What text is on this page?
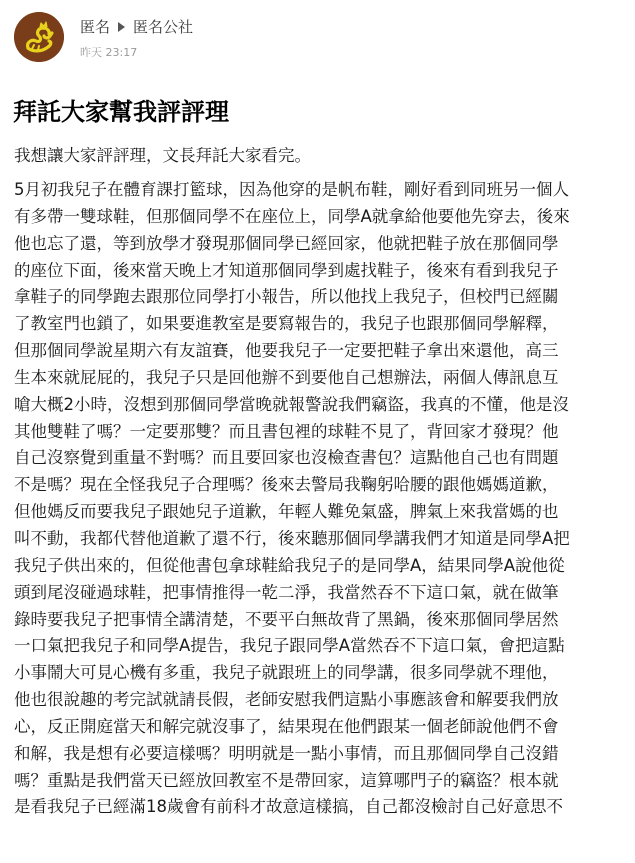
匿名 匿名公社
昨天 23:17
拜託大家幫我評評理

我想讓大家評評理，文長拜託大家看完。

5月初我兒子在體育課打籃球，因為他穿的是帆布鞋，剛好看到同班另一個人
有多帶一雙球鞋，但那個同學不在座位上，同學A就拿給他要他先穿去，後來
他也忘了還，等到放學才發現那個同學已經回家，他就把鞋子放在那個同學
的座位下面，後來當天晚上才知道那個同學到處找鞋子，後來有看到我兒子
拿鞋子的同學跑去跟那位同學打小報告，所以他找上我兒子，但校門已經關
了教室門也鎖了，如果要進教室是要寫報告的，我兒子也跟那個同學解釋，
但那個同學說星期六有友誼賽，他要我兒子一定要把鞋子拿出來還他，高三
生本來就屁屁的，我兒子只是回他辦不到要他自己想辦法，兩個人傳訊息互
嗆大概2小時，沒想到那個同學當晚就報警說我們竊盜，我真的不懂，他是沒
其他雙鞋了嗎？一定要那雙？而且書包裡的球鞋不見了，背回家才發現？他
自己沒察覺到重量不對嗎？而且要回家也沒檢查書包？這點他自己也有問題
不是嗎？現在全怪我兒子合理嗎？後來去警局我鞠躬哈腰的跟他媽媽道歉，
但他媽反而要我兒子跟她兒子道歉，年輕人難免氣盛，脾氣上來我當媽的也
叫不動，我都代替他道歉了還不行，後來聽那個同學講我們才知道是同學A把
我兒子供出來的，但從他書包拿球鞋給我兒子的是同學A，結果同學A說他從
頭到尾沒碰過球鞋，把事情推得一乾二淨，我當然吞不下這口氣，就在做筆
錄時要我兒子把事情全講清楚，不要平白無故背了黑鍋，後來那個同學居然
一口氣把我兒子和同學A提告，我兒子跟同學A當然吞不下這口氣，會把這點
小事鬧大可見心機有多重，我兒子就跟班上的同學講，很多同學就不理他，
他也很說趣的考完試就請長假，老師安慰我們這點小事應該會和解要我們放
心，反正開庭當天和解完就沒事了，結果現在他們跟某一個老師說他們不會
和解，我是想有必要這樣嗎？明明就是一點小事情，而且那個同學自己沒錯
嗎？重點是我們當天已經放回教室不是帶回家，這算哪門子的竊盜？根本就
是看我兒子已經滿18歲會有前科才故意這樣搞，自己都沒檢討自己好意思不
